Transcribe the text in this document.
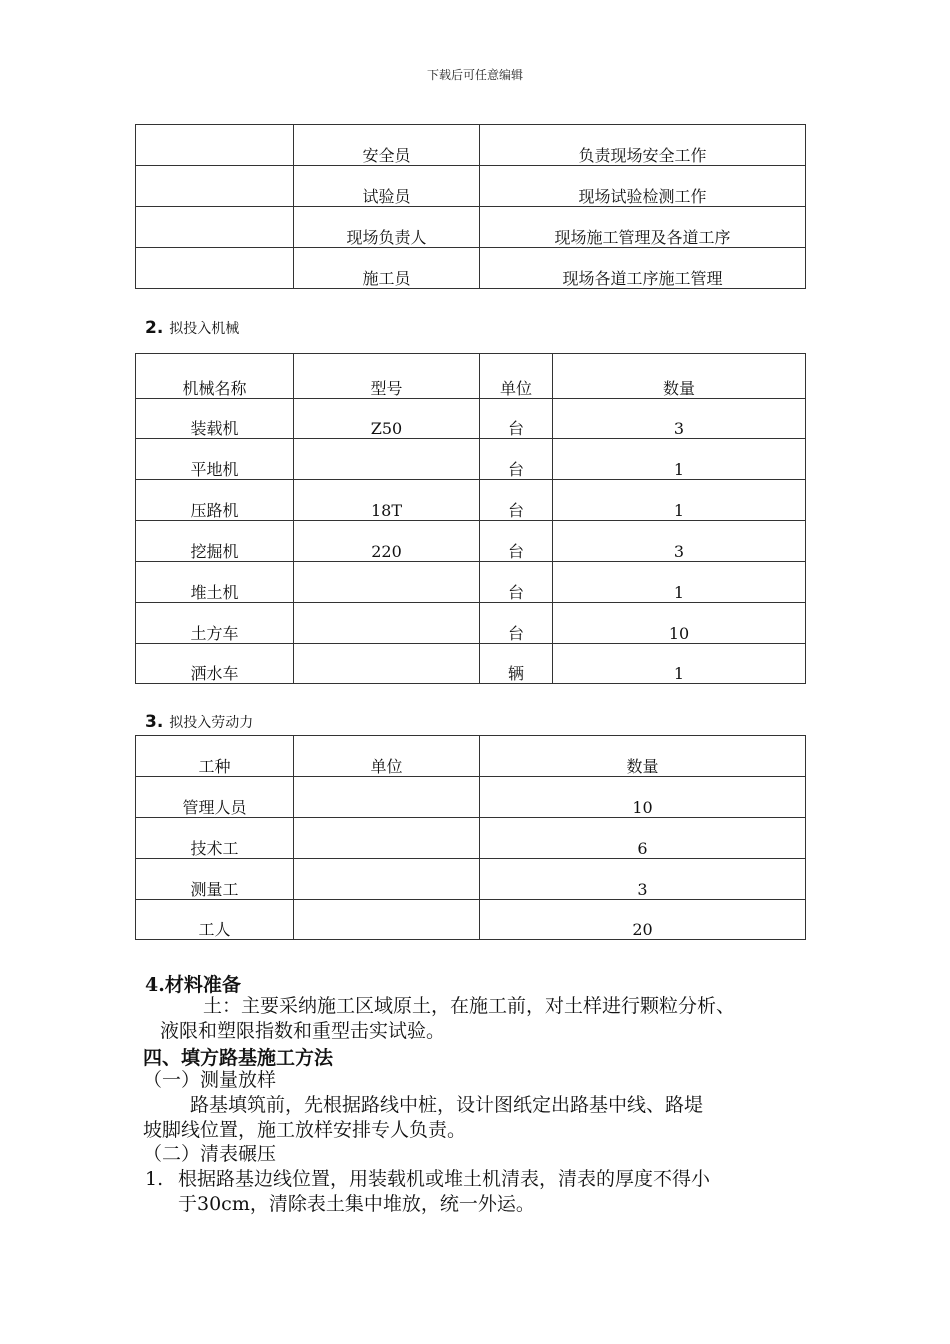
下载后可任意编辑
	安全员	负责现场安全工作
	试验员	现场试验检测工作
	现场负责人	现场施工管理及各道工序
	施工员	现场各道工序施工管理
2. 拟投入机械
机械名称	型号	单位	数量
装载机	Z50	台	3
平地机		台	1
压路机	18T	台	1
挖掘机	220	台	3
堆土机		台	1
土方车		台	10
洒水车		辆	1
3. 拟投入劳动力
工种	单位	数量
管理人员		10
技术工		6
测量工		3
工人		20
4.材料准备
土：主要采纳施工区域原土，在施工前，对土样进行颗粒分析、
液限和塑限指数和重型击实试验。
四、填方路基施工方法
（一）测量放样
路基填筑前，先根据路线中桩，设计图纸定出路基中线、路堤
坡脚线位置，施工放样安排专人负责。
（二）清表碾压
1. 根据路基边线位置，用装载机或堆土机清表，清表的厚度不得小
于30cm，清除表土集中堆放，统一外运。
